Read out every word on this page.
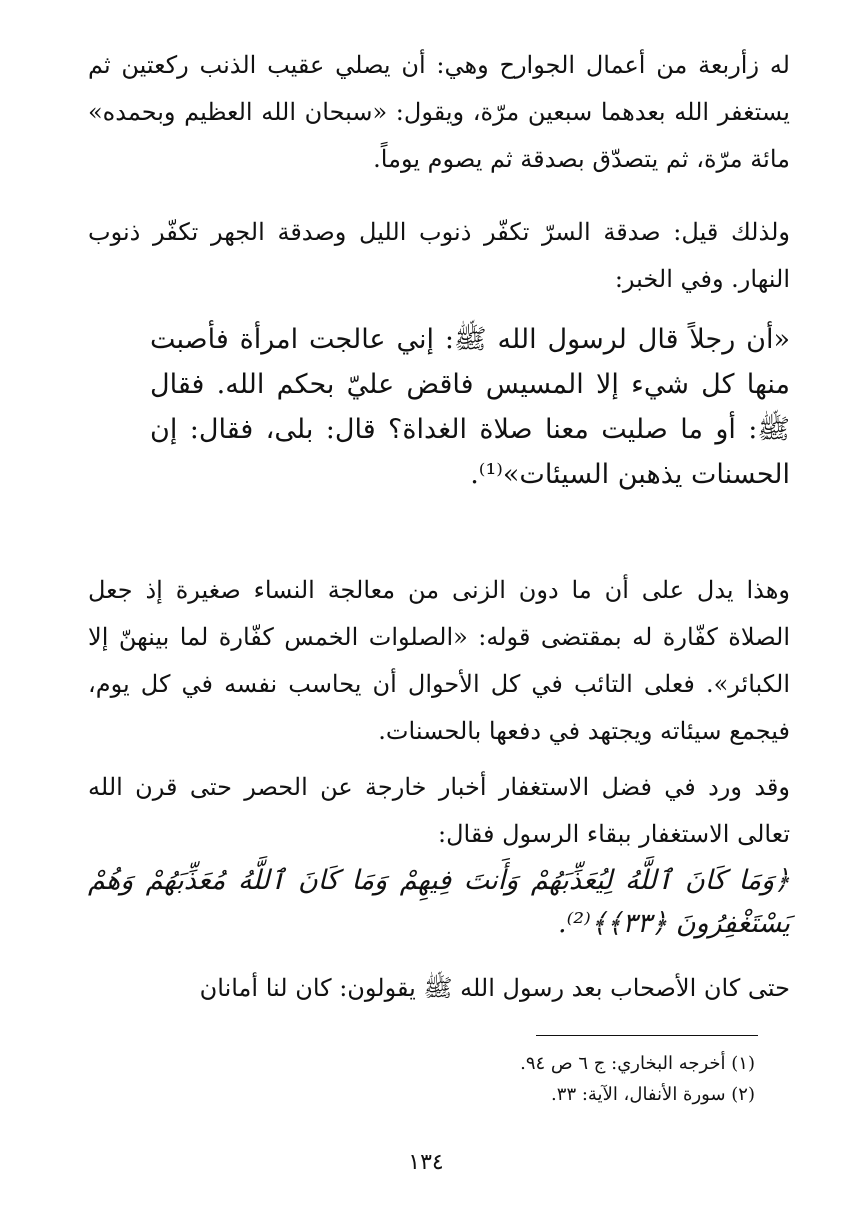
له زأربعة من أعمال الجوارح وهي: أن يصلي عقيب الذنب ركعتين ثم يستغفر الله بعدهما سبعين مرّة، ويقول: «سبحان الله العظيم وبحمده» مائة مرّة، ثم يتصدّق بصدقة ثم يصوم يوماً.

ولذلك قيل: صدقة السرّ تكفّر ذنوب الليل وصدقة الجهر تكفّر ذنوب النهار. وفي الخبر:

«أن رجلاً قال لرسول الله ﷺ: إني عالجت امرأة فأصبت منها كل شيء إلا المسيس فاقض عليّ بحكم الله. فقال ﷺ: أو ما صليت معنا صلاة الغداة؟ قال: بلى، فقال: إن الحسنات يذهبن السيئات»⁽¹⁾.

وهذا يدل على أن ما دون الزنى من معالجة النساء صغيرة إذ جعل الصلاة كفّارة له بمقتضى قوله: «الصلوات الخمس كفّارة لما بينهنّ إلا الكبائر». فعلى التائب في كل الأحوال أن يحاسب نفسه في كل يوم، فيجمع سيئاته ويجتهد في دفعها بالحسنات.

وقد ورد في فضل الاستغفار أخبار خارجة عن الحصر حتى قرن الله تعالى الاستغفار ببقاء الرسول فقال:

﴿وَمَا كَانَ ٱللَّهُ لِيُعَذِّبَهُمْ وَأَنتَ فِيهِمْ وَمَا كَانَ ٱللَّهُ مُعَذِّبَهُمْ وَهُمْ يَسْتَغْفِرُونَ ﴿٣٣﴾﴾⁽²⁾.

حتى كان الأصحاب بعد رسول الله ﷺ يقولون: كان لنا أمانان

(١) أخرجه البخاري: ج ٦ ص ٩٤.
(٢) سورة الأنفال، الآية: ٣٣.
١٣٤
